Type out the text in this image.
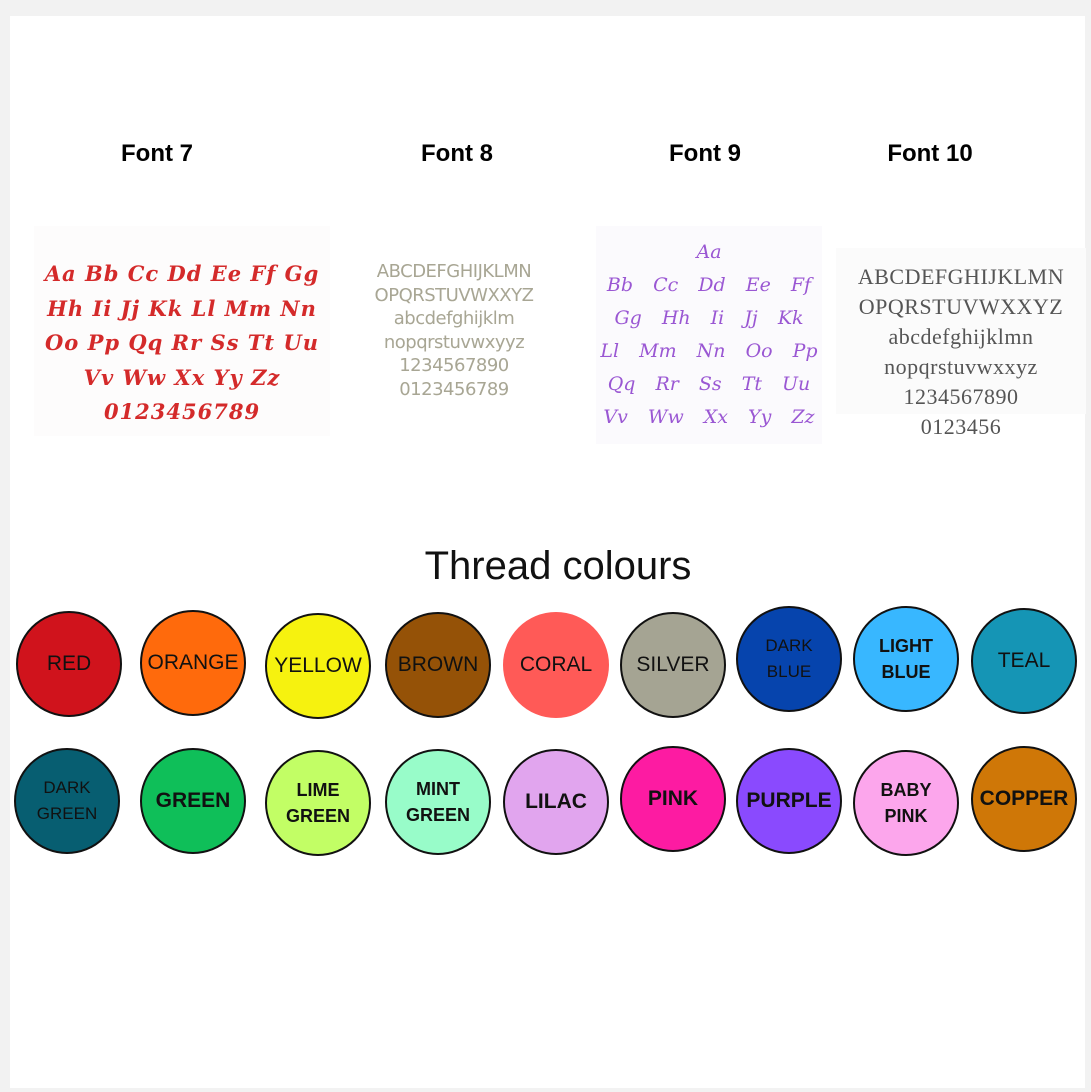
Font 7	Font 8	Font 9	Font 10
Aa Bb Cc Dd Ee Ff Gg
Hh Ii Jj Kk Ll Mm Nn
Oo Pp Qq Rr Ss Tt Uu
Vv Ww Xx Yy Zz
0123456789
ABCDEFGHIJKLMN
OPQRSTUVWXXYZ
abcdefghijklm
nopqrstuvwxyyz
1234567890
0123456789
Aa
Bb Cc Dd Ee Ff
Gg Hh Ii Jj Kk
Ll Mm Nn Oo Pp
Qq Rr Ss Tt Uu
Vv Ww Xx Yy Zz
ABCDEFGHIJKLMN
OPQRSTUVWXXYZ
abcdefghijklmn
nopqrstuvwxxyz
1234567890
0123456
Thread colours
RED	ORANGE YELLOW BROWN CORAL SILVER
DARK
BLUE
LIGHT
BLUE	TEAL
DARK
GREEN
GREEN	LIME
GREEN
MINT
GREEN
LILAC	PINK PURPLE	BABY
PINK
COPPER
